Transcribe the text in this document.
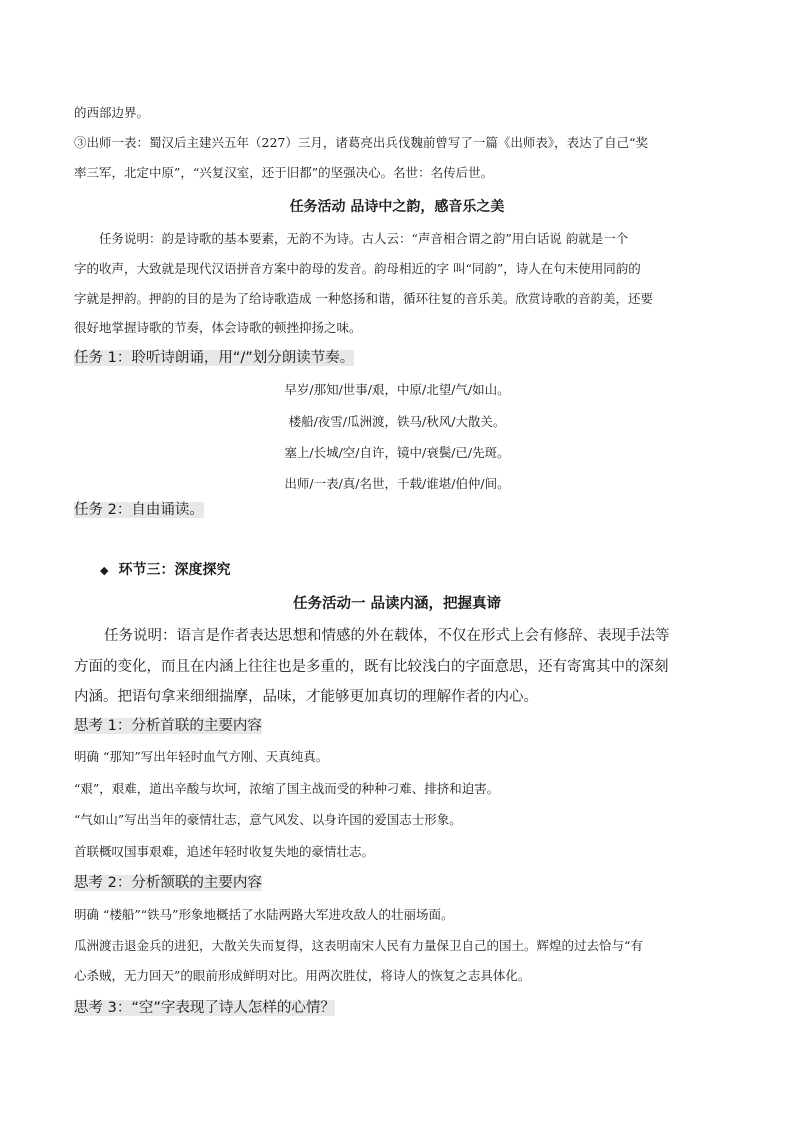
的西部边界。
③出师一表：蜀汉后主建兴五年（227）三月，诸葛亮出兵伐魏前曾写了一篇《出师表》，表达了自己“奖
率三军，北定中原”，“兴复汉室，还于旧都”的坚强决心。名世：名传后世。
任务活动 品诗中之韵，感音乐之美
任务说明：韵是诗歌的基本要素，无韵不为诗。古人云：“声音相合谓之韵”用白话说 韵就是一个
字的收声，大致就是现代汉语拼音方案中韵母的发音。韵母相近的字 叫“同韵”，诗人在句末使用同韵的
字就是押韵。押韵的目的是为了给诗歌造成 一种悠扬和谐，循环往复的音乐美。欣赏诗歌的音韵美，还要
很好地掌握诗歌的节奏，体会诗歌的顿挫抑扬之味。
任务 1：聆听诗朗诵，用“/”划分朗读节奏。
早岁/那知/世事/艰，中原/北望/气/如山。
楼船/夜雪/瓜洲渡，铁马/秋风/大散关。
塞上/长城/空/自许，镜中/衰鬓/已/先斑。
出师/一表/真/名世，千载/谁堪/伯仲/间。
任务 2：自由诵读。
◆ 环节三：深度探究
任务活动一 品读内涵，把握真谛
任务说明：语言是作者表达思想和情感的外在载体，不仅在形式上会有修辞、表现手法等
方面的变化，而且在内涵上往往也是多重的，既有比较浅白的字面意思，还有寄寓其中的深刻
内涵。把语句拿来细细揣摩，品味，才能够更加真切的理解作者的内心。
思考 1：分析首联的主要内容
明确 “那知”写出年轻时血气方刚、天真纯真。
“艰”，艰难，道出辛酸与坎坷，浓缩了国主战而受的种种刁难、排挤和迫害。
“气如山”写出当年的豪情壮志，意气风发、以身许国的爱国志士形象。
首联概叹国事艰难，追述年轻时收复失地的豪情壮志。
思考 2：分析颔联的主要内容
明确 “楼船”“铁马”形象地概括了水陆两路大军进攻敌人的壮丽场面。
瓜洲渡击退金兵的进犯，大散关失而复得，这表明南宋人民有力量保卫自己的国土。辉煌的过去恰与“有
心杀贼，无力回天”的眼前形成鲜明对比。用两次胜仗，将诗人的恢复之志具体化。
思考 3：“空”字表现了诗人怎样的心情？
